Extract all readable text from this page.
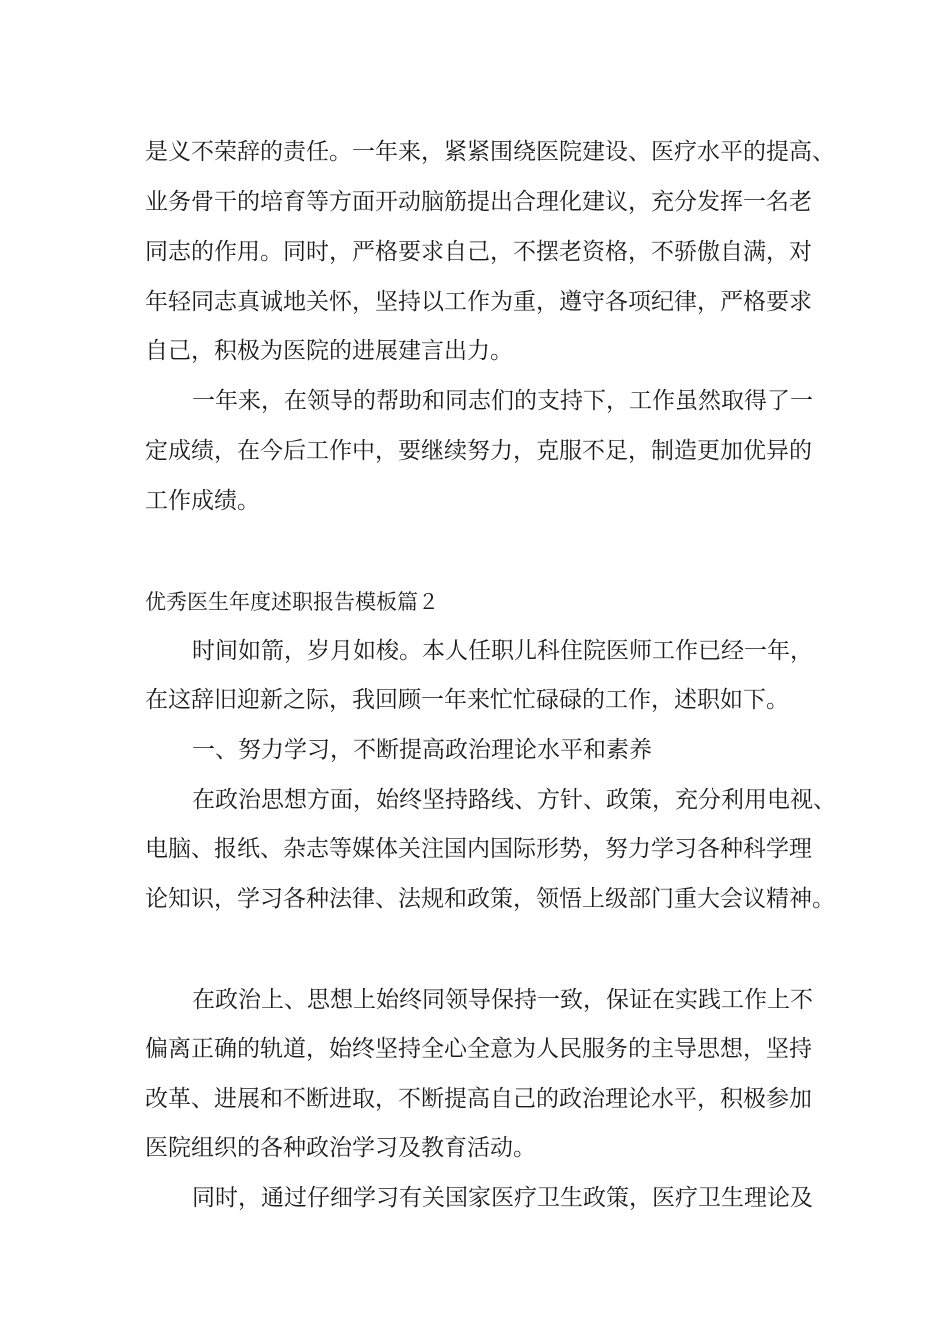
是义不荣辞的责任。一年来，紧紧围绕医院建设、医疗水平的提高、
业务骨干的培育等方面开动脑筋提出合理化建议，充分发挥一名老
同志的作用。同时，严格要求自己，不摆老资格，不骄傲自满，对
年轻同志真诚地关怀，坚持以工作为重，遵守各项纪律，严格要求
自己，积极为医院的进展建言出力。
一年来，在领导的帮助和同志们的支持下，工作虽然取得了一
定成绩，在今后工作中，要继续努力，克服不足，制造更加优异的
工作成绩。
优秀医生年度述职报告模板篇２
时间如箭，岁月如梭。本人任职儿科住院医师工作已经一年，
在这辞旧迎新之际，我回顾一年来忙忙碌碌的工作，述职如下。
一、努力学习，不断提高政治理论水平和素养
在政治思想方面，始终坚持路线、方针、政策，充分利用电视、
电脑、报纸、杂志等媒体关注国内国际形势，努力学习各种科学理
论知识，学习各种法律、法规和政策，领悟上级部门重大会议精神。
在政治上、思想上始终同领导保持一致，保证在实践工作上不
偏离正确的轨道，始终坚持全心全意为人民服务的主导思想，坚持
改革、进展和不断进取，不断提高自己的政治理论水平，积极参加
医院组织的各种政治学习及教育活动。
同时，通过仔细学习有关国家医疗卫生政策，医疗卫生理论及
